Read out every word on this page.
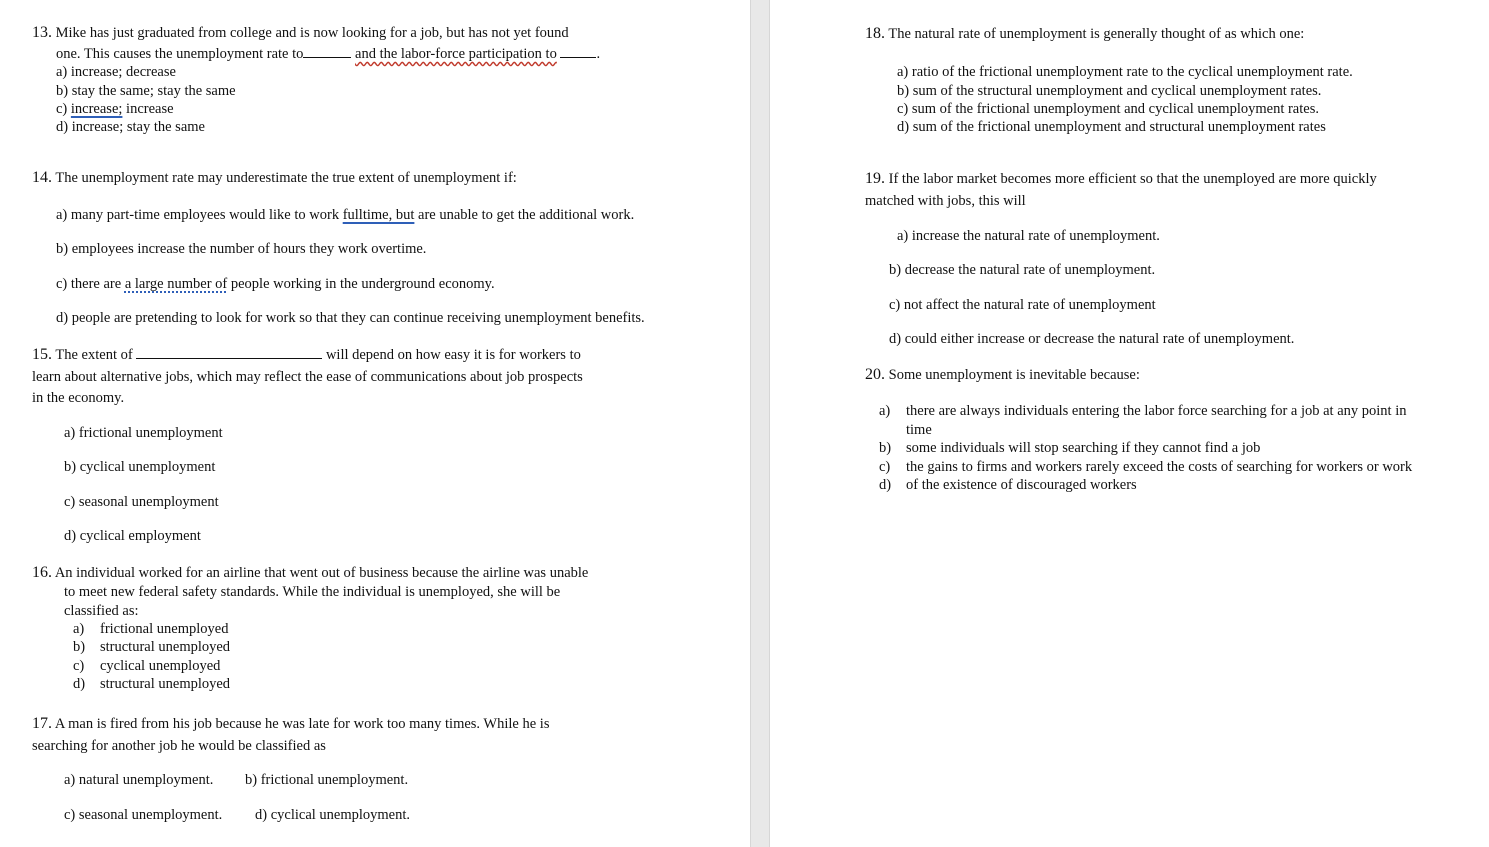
13. Mike has just graduated from college and is now looking for a job, but has not yet found
one. This causes the unemployment rate to	and the labor-force participation to	.
a) increase; decrease
b) stay the same; stay the same
c) increase; increase
d) increase; stay the same
14. The unemployment rate may underestimate the true extent of unemployment if:
a) many part-time employees would like to work fulltime, but are unable to get the additional work.
b) employees increase the number of hours they work overtime.
c) there are a large number of people working in the underground economy.
d) people are pretending to look for work so that they can continue receiving unemployment benefits.
15. The extent of	will depend on how easy it is for workers to
learn about alternative jobs, which may reflect the ease of communications about job prospects
in the economy.
a) frictional unemployment
b) cyclical unemployment
c) seasonal unemployment
d) cyclical employment
16. An individual worked for an airline that went out of business because the airline was unable
to meet new federal safety standards. While the individual is unemployed, she will be
classified as:
a) frictional unemployed
b) structural unemployed
c) cyclical unemployed
d) structural unemployed
17. A man is fired from his job because he was late for work too many times. While he is
searching for another job he would be classified as
a) natural unemployment. b) frictional unemployment.
c) seasonal unemployment. d) cyclical unemployment.
18. The natural rate of unemployment is generally thought of as which one:
a) ratio of the frictional unemployment rate to the cyclical unemployment rate.
b) sum of the structural unemployment and cyclical unemployment rates.
c) sum of the frictional unemployment and cyclical unemployment rates.
d) sum of the frictional unemployment and structural unemployment rates
19. If the labor market becomes more efficient so that the unemployed are more quickly
matched with jobs, this will
a) increase the natural rate of unemployment.
b) decrease the natural rate of unemployment.
c) not affect the natural rate of unemployment
d) could either increase or decrease the natural rate of unemployment.
20. Some unemployment is inevitable because:
a) there are always individuals entering the labor force searching for a job at any point in
time
b) some individuals will stop searching if they cannot find a job
c) the gains to firms and workers rarely exceed the costs of searching for workers or work
d) of the existence of discouraged workers
